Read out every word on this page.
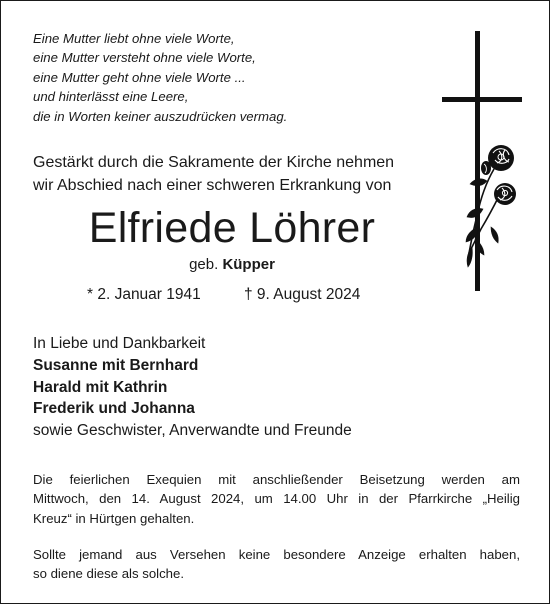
Eine Mutter liebt ohne viele Worte,
eine Mutter versteht ohne viele Worte,
eine Mutter geht ohne viele Worte ...
und hinterlässt eine Leere,
die in Worten keiner auszudrücken vermag.
Gestärkt durch die Sakramente der Kirche nehmen
wir Abschied nach einer schweren Erkrankung von
Elfriede Löhrer
geb. Küpper
* 2. Januar 1941	† 9. August 2024
In Liebe und Dankbarkeit
Susanne mit Bernhard
Harald mit Kathrin
Frederik und Johanna
sowie Geschwister, Anverwandte und Freunde
Die feierlichen Exequien mit anschließender Beisetzung werden am
Mittwoch, den 14. August 2024, um 14.00 Uhr in der Pfarrkirche „Heilig
Kreuz“ in Hürtgen gehalten.
Sollte jemand aus Versehen keine besondere Anzeige erhalten haben,
so diene diese als solche.
